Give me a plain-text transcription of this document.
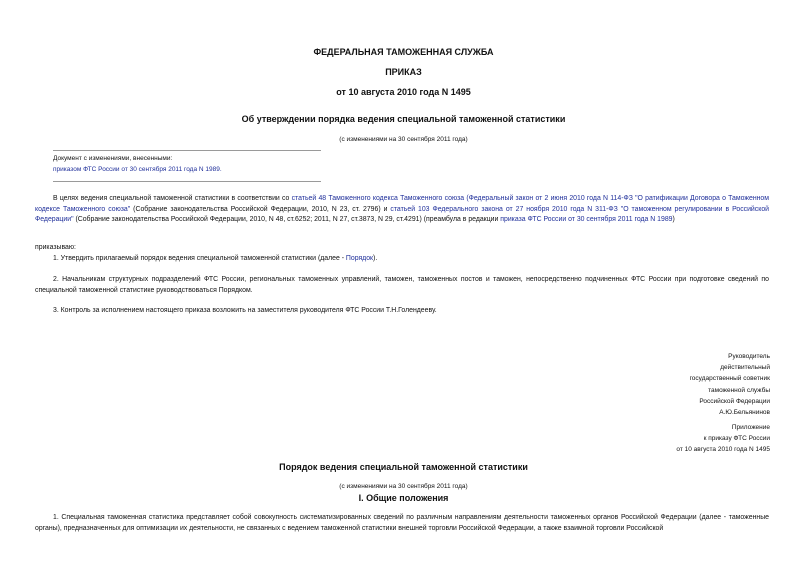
ФЕДЕРАЛЬНАЯ ТАМОЖЕННАЯ СЛУЖБА
ПРИКАЗ
от 10 августа 2010 года N 1495
Об утверждении порядка ведения специальной таможенной статистики
(с изменениями на 30 сентября 2011 года)
Документ с изменениями, внесенными:
приказом ФТС России от 30 сентября 2011 года N 1989.
В целях ведения специальной таможенной статистики в соответствии со статьей 48 Таможенного кодекса Таможенного союза (Федеральный закон от 2 июня 2010 года N 114-ФЗ "О ратификации Договора о Таможенном кодексе Таможенного союза" (Собрание законодательства Российской Федерации, 2010, N 23, ст. 2796) и статьей 103 Федерального закона от 27 ноября 2010 года N 311-ФЗ "О таможенном регулировании в Российской Федерации" (Собрание законодательства Российской Федерации, 2010, N 48, ст.6252; 2011, N 27, ст.3873, N 29, ст.4291) (преамбула в редакции приказа ФТС России от 30 сентября 2011 года N 1989)
приказываю:
1. Утвердить прилагаемый порядок ведения специальной таможенной статистики (далее - Порядок).
2. Начальникам структурных подразделений ФТС России, региональных таможенных управлений, таможен, таможенных постов и таможен, непосредственно подчиненных ФТС России при подготовке сведений по специальной таможенной статистике руководствоваться Порядком.
3. Контроль за исполнением настоящего приказа возложить на заместителя руководителя ФТС России Т.Н.Голендееву.
Руководитель
действительный
государственный советник
таможенной службы
Российской Федерации
А.Ю.Бельянинов
Приложение
к приказу ФТС России
от 10 августа 2010 года N 1495
Порядок ведения специальной таможенной статистики
(с изменениями на 30 сентября 2011 года)
I. Общие положения
1. Специальная таможенная статистика представляет собой совокупность систематизированных сведений по различным направлениям деятельности таможенных органов Российской Федерации (далее - таможенные органы), предназначенных для оптимизации их деятельности, не связанных с ведением таможенной статистики внешней торговли Российской Федерации, а также взаимной торговли Российской
